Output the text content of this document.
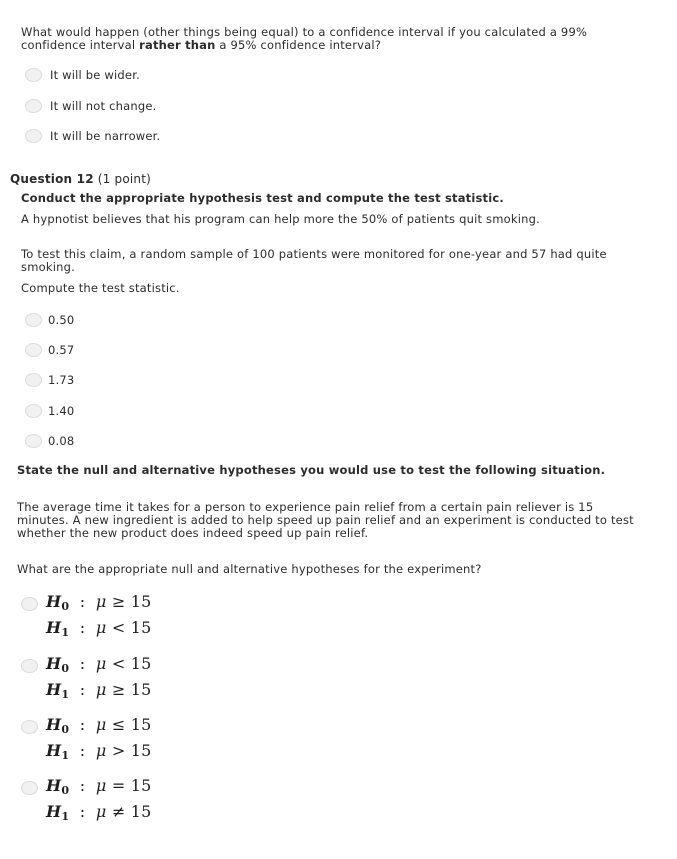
What would happen (other things being equal) to a confidence interval if you calculated a 99% confidence interval rather than a 95% confidence interval?

It will be wider.
It will not change.
It will be narrower.
Question 12 (1 point)

Conduct the appropriate hypothesis test and compute the test statistic.

A hypnotist believes that his program can help more the 50% of patients quit smoking.

To test this claim, a random sample of 100 patients were monitored for one-year and 57 had quite smoking.

Compute the test statistic.

0.50
0.57
1.73
1.40
0.08

State the null and alternative hypotheses you would use to test the following situation.

The average time it takes for a person to experience pain relief from a certain pain reliever is 15 minutes. A new ingredient is added to help speed up pain relief and an experiment is conducted to test whether the new product does indeed speed up pain relief.

What are the appropriate null and alternative hypotheses for the experiment?

$H_0$  :  μ ≥ 15
$H_1$  :  μ < 15
$H_0$  :  μ < 15
$H_1$  :  μ ≥ 15
$H_0$  :  μ ≤ 15
$H_1$  :  μ > 15
$H_0$  :  μ = 15
$H_1$  :  μ ≠ 15
